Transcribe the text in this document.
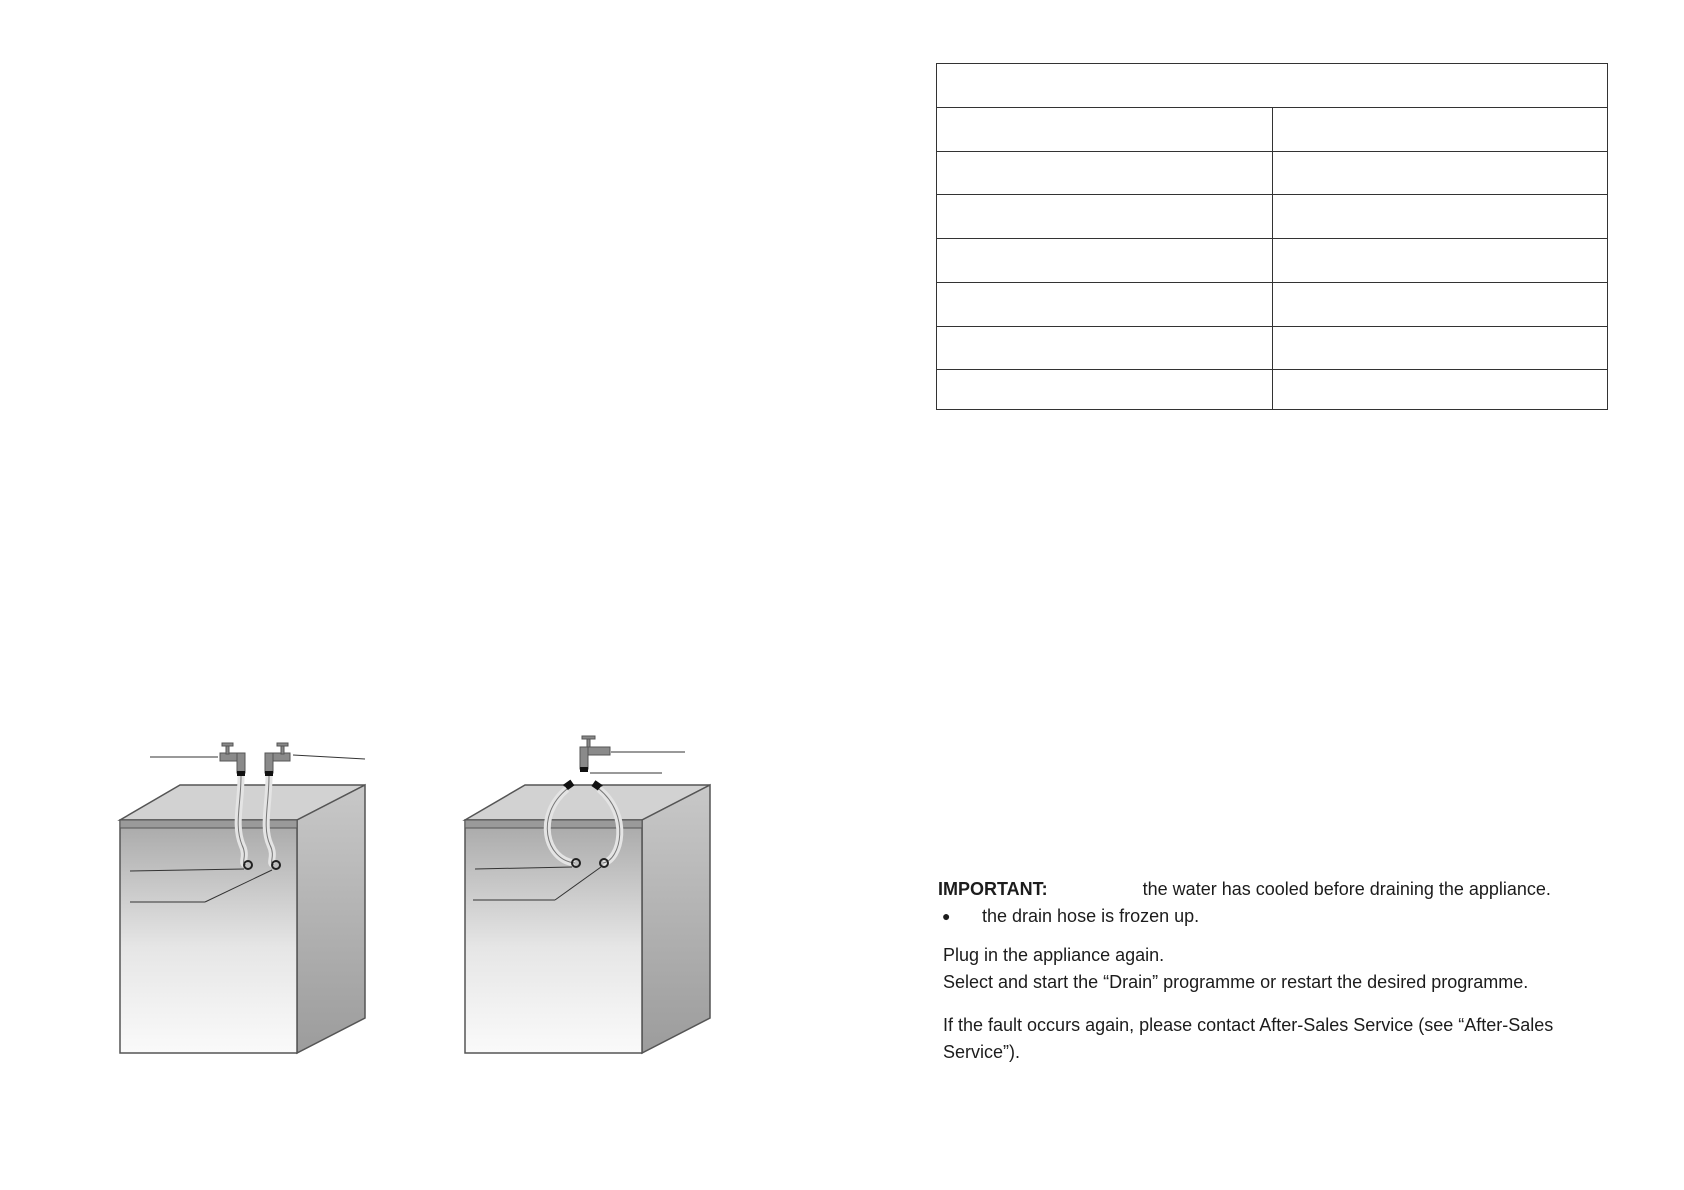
IMPORTANT:	the water has cooled before draining the appliance.
● the drain hose is frozen up.

Plug in the appliance again.

Select and start the “Drain” programme or restart the desired programme.

If the fault occurs again, please contact After-Sales Service (see “After-Sales

Service”).
